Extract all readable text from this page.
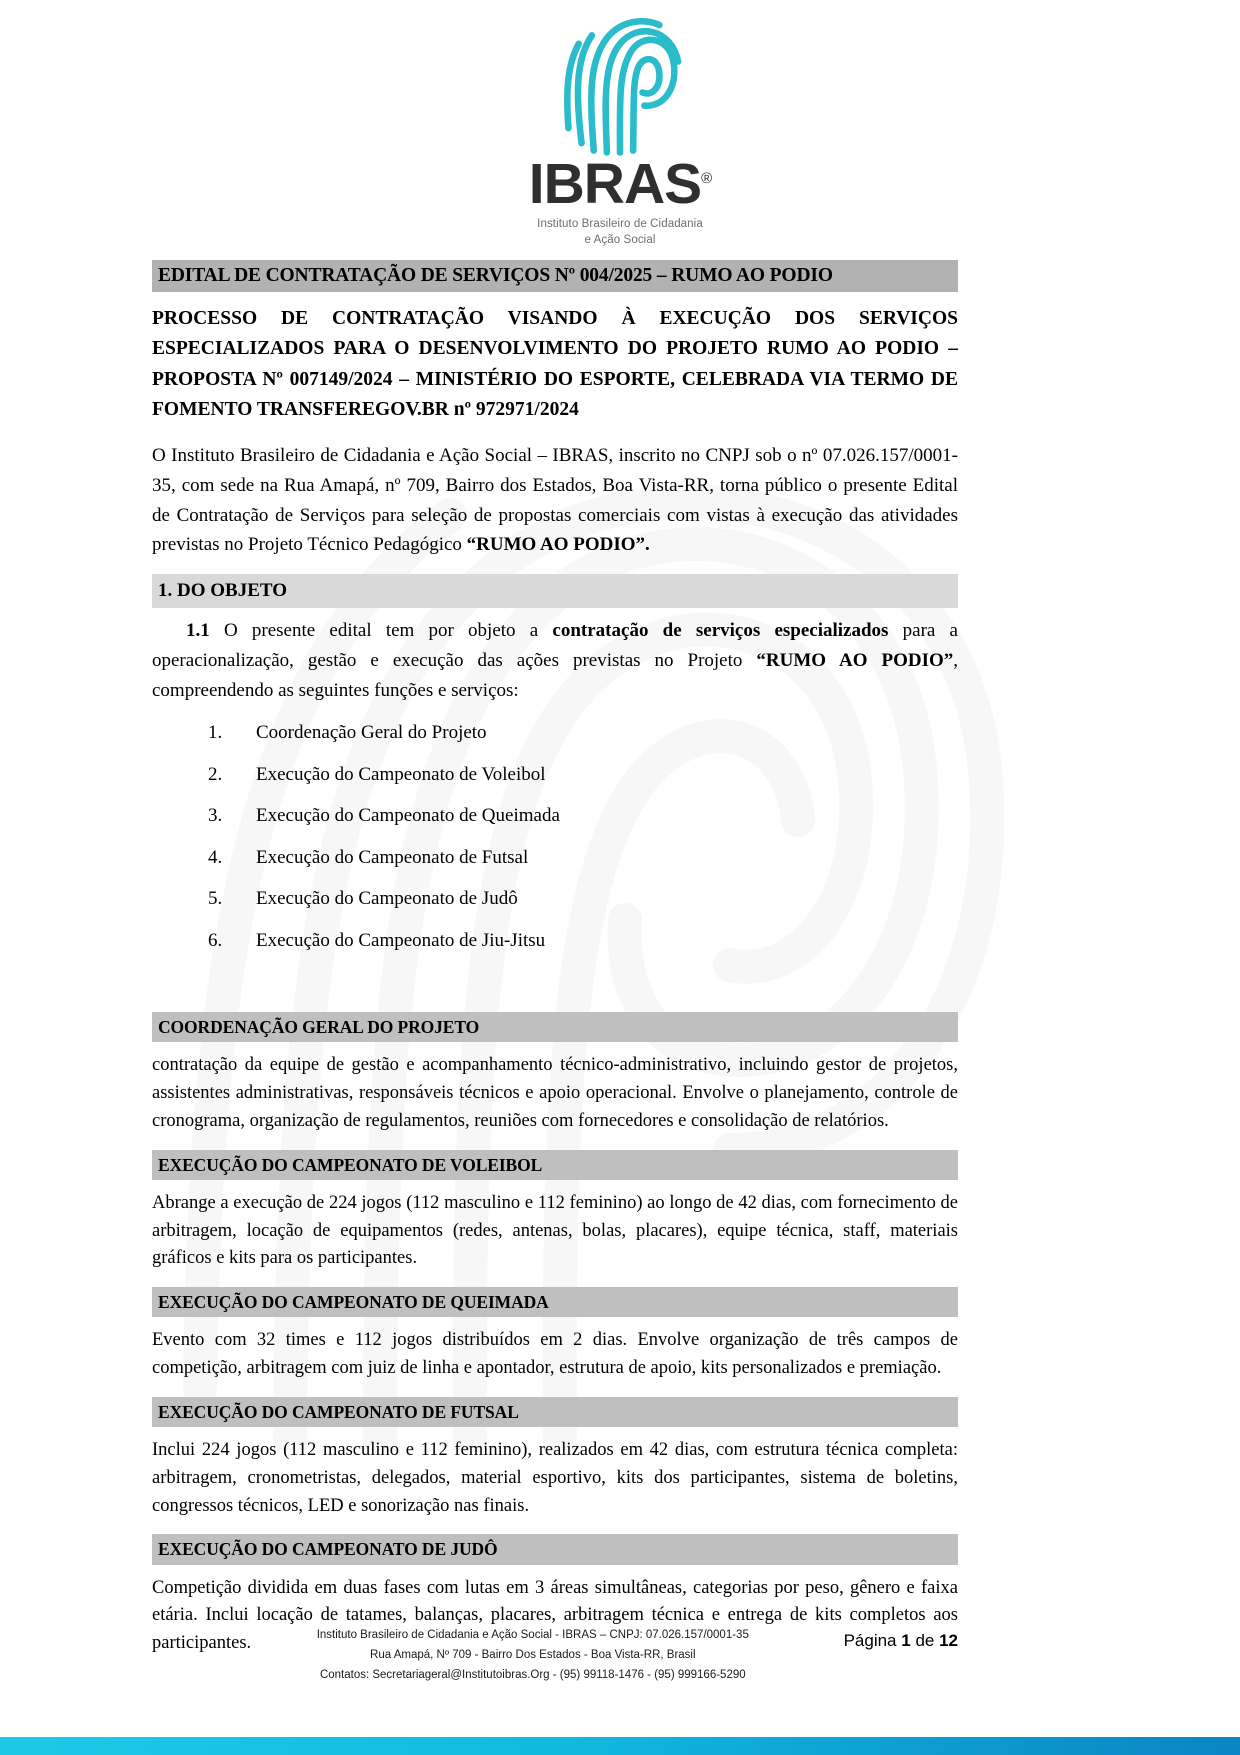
IBRAS®
Instituto Brasileiro de Cidadania
e Ação Social
EDITAL DE CONTRATAÇÃO DE SERVIÇOS Nº 004/2025 – RUMO AO PODIO
PROCESSO DE CONTRATAÇÃO VISANDO À EXECUÇÃO DOS SERVIÇOS ESPECIALIZADOS PARA O DESENVOLVIMENTO DO PROJETO RUMO AO PODIO – PROPOSTA Nº 007149/2024 – MINISTÉRIO DO ESPORTE, CELEBRADA VIA TERMO DE FOMENTO TRANSFEREGOV.BR nº 972971/2024

O Instituto Brasileiro de Cidadania e Ação Social – IBRAS, inscrito no CNPJ sob o nº 07.026.157/0001-35, com sede na Rua Amapá, nº 709, Bairro dos Estados, Boa Vista-RR, torna público o presente Edital de Contratação de Serviços para seleção de propostas comerciais com vistas à execução das atividades previstas no Projeto Técnico Pedagógico “RUMO AO PODIO”.

1. DO OBJETO

1.1 O presente edital tem por objeto a contratação de serviços especializados para a operacionalização, gestão e execução das ações previstas no Projeto “RUMO AO PODIO”, compreendendo as seguintes funções e serviços:

Coordenação Geral do Projeto
Execução do Campeonato de Voleibol
Execução do Campeonato de Queimada
Execução do Campeonato de Futsal
Execução do Campeonato de Judô
Execução do Campeonato de Jiu-Jitsu
COORDENAÇÃO GERAL DO PROJETO

contratação da equipe de gestão e acompanhamento técnico-administrativo, incluindo gestor de projetos, assistentes administrativas, responsáveis técnicos e apoio operacional. Envolve o planejamento, controle de cronograma, organização de regulamentos, reuniões com fornecedores e consolidação de relatórios.

EXECUÇÃO DO CAMPEONATO DE VOLEIBOL

Abrange a execução de 224 jogos (112 masculino e 112 feminino) ao longo de 42 dias, com fornecimento de arbitragem, locação de equipamentos (redes, antenas, bolas, placares), equipe técnica, staff, materiais gráficos e kits para os participantes.

EXECUÇÃO DO CAMPEONATO DE QUEIMADA

Evento com 32 times e 112 jogos distribuídos em 2 dias. Envolve organização de três campos de competição, arbitragem com juiz de linha e apontador, estrutura de apoio, kits personalizados e premiação.

EXECUÇÃO DO CAMPEONATO DE FUTSAL

Inclui 224 jogos (112 masculino e 112 feminino), realizados em 42 dias, com estrutura técnica completa: arbitragem, cronometristas, delegados, material esportivo, kits dos participantes, sistema de boletins, congressos técnicos, LED e sonorização nas finais.

EXECUÇÃO DO CAMPEONATO DE JUDÔ

Competição dividida em duas fases com lutas em 3 áreas simultâneas, categorias por peso, gênero e faixa etária. Inclui locação de tatames, balanças, placares, arbitragem técnica e entrega de kits completos aos participantes.	Instituto Brasileiro de Cidadania e Ação Social - IBRAS – CNPJ: 07.026.157/0001-35
Rua Amapá, Nº 709 - Bairro Dos Estados - Boa Vista-RR, Brasil
Contatos: Secretariageral@Institutoibras.Org - (95) 99118-1476 - (95) 999166-5290
Página 1 de 12
